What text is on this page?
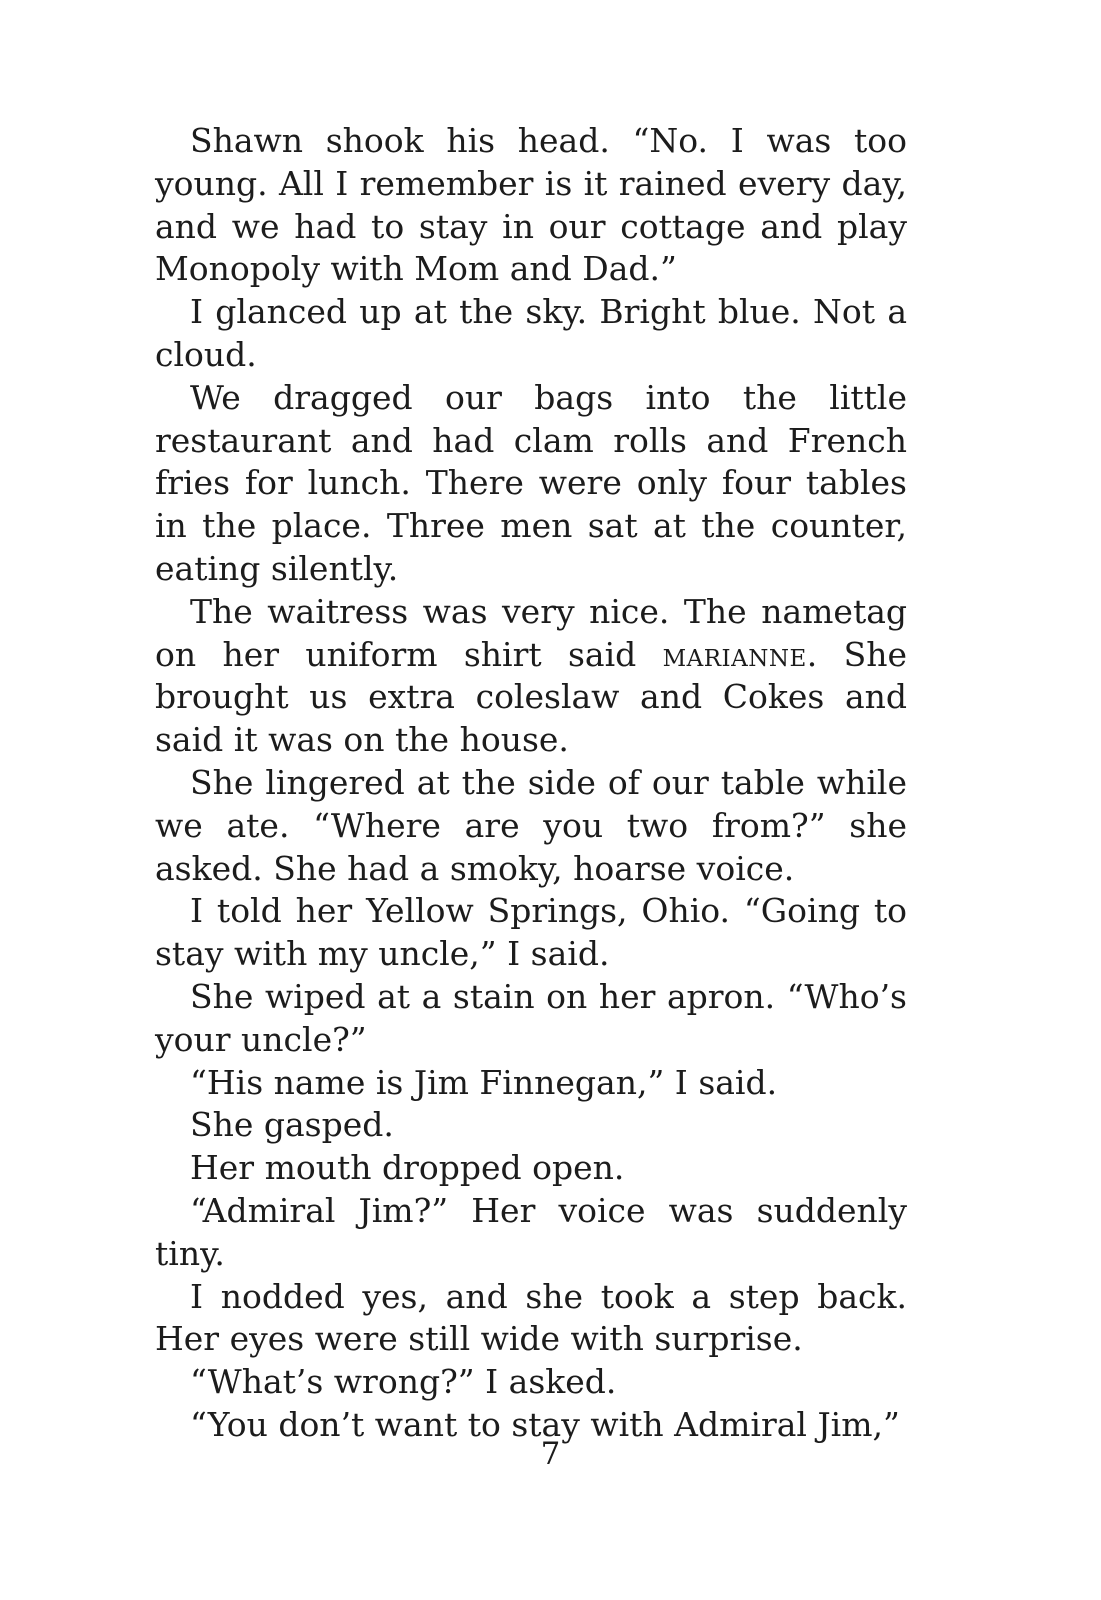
Shawn shook his head. “No. I was too young. All I remember is it rained every day, and we had to stay in our cottage and play Monopoly with Mom and Dad.”

I glanced up at the sky. Bright blue. Not a cloud.

We dragged our bags into the little restaurant and had clam rolls and French fries for lunch. There were only four tables in the place. Three men sat at the counter, eating silently.

The waitress was very nice. The nametag on her uniform shirt said marianne. She brought us extra coleslaw and Cokes and said it was on the house.

She lingered at the side of our table while we ate. “Where are you two from?” she asked. She had a smoky, hoarse voice.

I told her Yellow Springs, Ohio. “Going to stay with my uncle,” I said.

She wiped at a stain on her apron. “Who’s your uncle?”

“His name is Jim Finnegan,” I said.

She gasped.

Her mouth dropped open.

“Admiral Jim?” Her voice was suddenly tiny.

I nodded yes, and she took a step back. Her eyes were still wide with surprise.

“What’s wrong?” I asked.

“You don’t want to stay with Admiral Jim,”

7
